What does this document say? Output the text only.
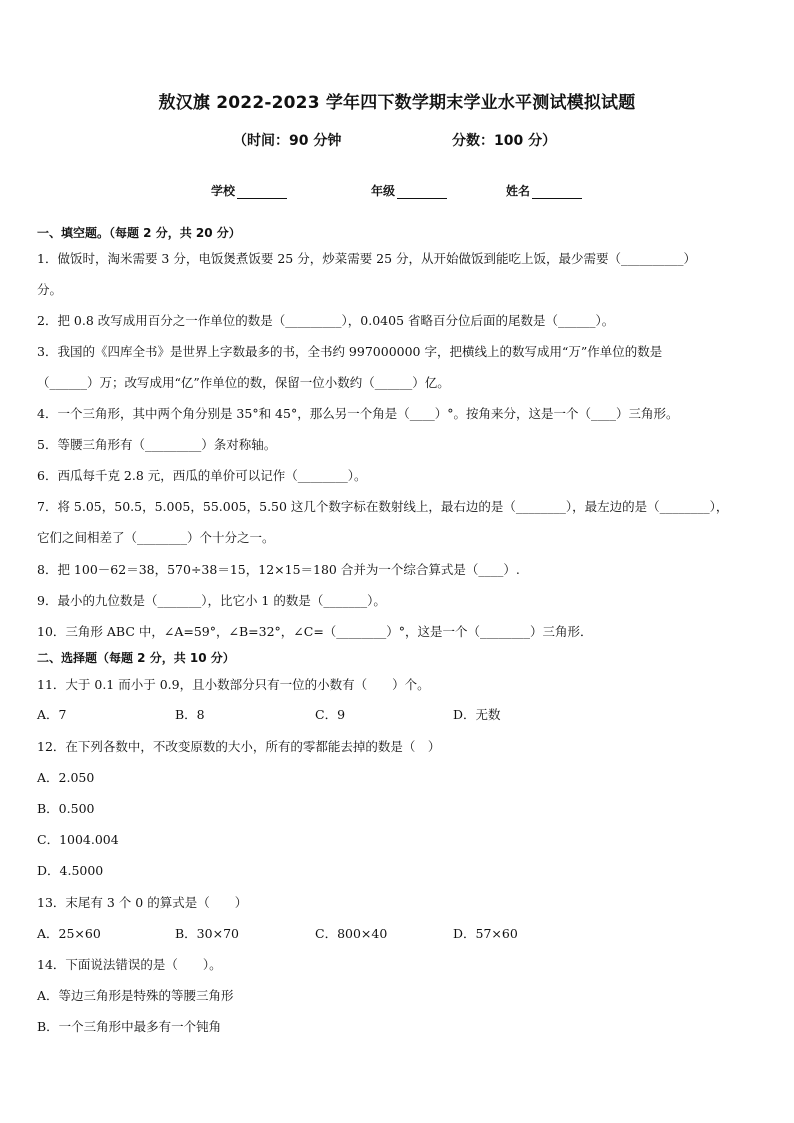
敖汉旗 2022-2023 学年四下数学期末学业水平测试模拟试题
（时间：90 分钟	分数：100 分）
学校	年级	姓名
一、填空题。（每题 2 分，共 20 分）
1．做饭时，淘米需要 3 分，电饭煲煮饭要 25 分，炒菜需要 25 分，从开始做饭到能吃上饭，最少需要（__________）
分。
2．把 0.8 改写成用百分之一作单位的数是（_________），0.0405 省略百分位后面的尾数是（______）。
3．我国的《四库全书》是世界上字数最多的书，全书约 997000000 字，把横线上的数写成用“万”作单位的数是
（______）万；改写成用“亿”作单位的数，保留一位小数约（______）亿。
4．一个三角形，其中两个角分别是 35°和 45°，那么另一个角是（____）°。按角来分，这是一个（____）三角形。
5．等腰三角形有（_________）条对称轴。
6．西瓜每千克 2.8 元，西瓜的单价可以记作（________）。
7．将 5.05，50.5，5.005，55.005，5.50 这几个数字标在数射线上，最右边的是（________），最左边的是（________），
它们之间相差了（________）个十分之一。
8．把 100－62＝38，570÷38＝15，12×15＝180 合并为一个综合算式是（____）.
9．最小的九位数是（_______），比它小 1 的数是（_______）。
10．三角形 ABC 中，∠A=59°，∠B=32°，∠C=（________）°，这是一个（________）三角形．
二、选择题（每题 2 分，共 10 分）
11．大于 0.1 而小于 0.9，且小数部分只有一位的小数有（　　）个。
A．7	B．8	C．9	D．无数
12．在下列各数中，不改变原数的大小，所有的零都能去掉的数是（　）
A．2.050
B．0.500
C．1004.004
D．4.5000
13．末尾有 3 个 0 的算式是（　　）
A．25×60	B．30×70	C．800×40	D．57×60
14．下面说法错误的是（　　）。
A．等边三角形是特殊的等腰三角形
B．一个三角形中最多有一个钝角
